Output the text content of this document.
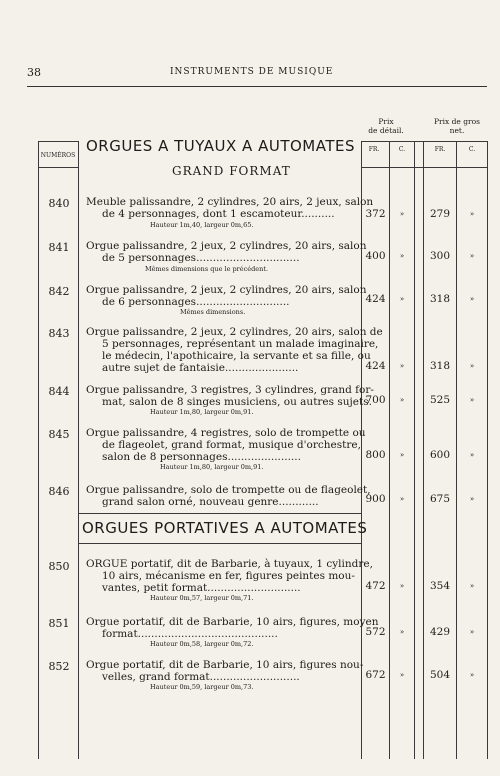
38	INSTRUMENTS DE MUSIQUE
Prix
de détail.
Prix de gros
net.
NUMÉROS
FR.	C.	FR.	C.
ORGUES A TUYAUX A AUTOMATES
GRAND FORMAT
ORGUES PORTATIVES A AUTOMATES
840	Meuble palissandre, 2 cylindres, 20 airs, 2 jeux, salon
de 4 personnages, dont 1 escamoteur..........
Hauteur 1m,40, largeur 0m,65.
372	»	279	»
841	Orgue palissandre, 2 jeux, 2 cylindres, 20 airs, salon
de 5 personnages...............................
Mêmes dimensions que le précédent.
400	»	300	»
842	Orgue palissandre, 2 jeux, 2 cylindres, 20 airs, salon
de 6 personnages............................
Mêmes dimensions.
424	»	318	»
843	Orgue palissandre, 2 jeux, 2 cylindres, 20 airs, salon de
5 personnages, représentant un malade imaginaire,
le médecin, l'apothicaire, la servante et sa fille, ou
autre sujet de fantaisie......................	424	»	318	»
844	Orgue palissandre, 3 registres, 3 cylindres, grand for-
mat, salon de 8 singes musiciens, ou autres sujets.
Hauteur 1m,80, largeur 0m,91.
700	»	525	»
845	Orgue palissandre, 4 registres, solo de trompette ou
de flageolet, grand format, musique d'orchestre,
salon de 8 personnages......................
Hauteur 1m,80, largeur 0m,91.
800	»	600	»
846	Orgue palissandre, solo de trompette ou de flageolet,
grand salon orné, nouveau genre............	900	»	675	»
850	ORGUE portatif, dit de Barbarie, à tuyaux, 1 cylindre,
10 airs, mécanisme en fer, figures peintes mou-
vantes, petit format............................
Hauteur 0m,57, largeur 0m,71.
472	»	354	»
851	Orgue portatif, dit de Barbarie, 10 airs, figures, moyen
format..........................................
Hauteur 0m,58, largeur 0m,72.
572	»	429	»
852	Orgue portatif, dit de Barbarie, 10 airs, figures nou-
velles, grand format...........................
Hauteur 0m,59, largeur 0m,73.
672	»	504	»
